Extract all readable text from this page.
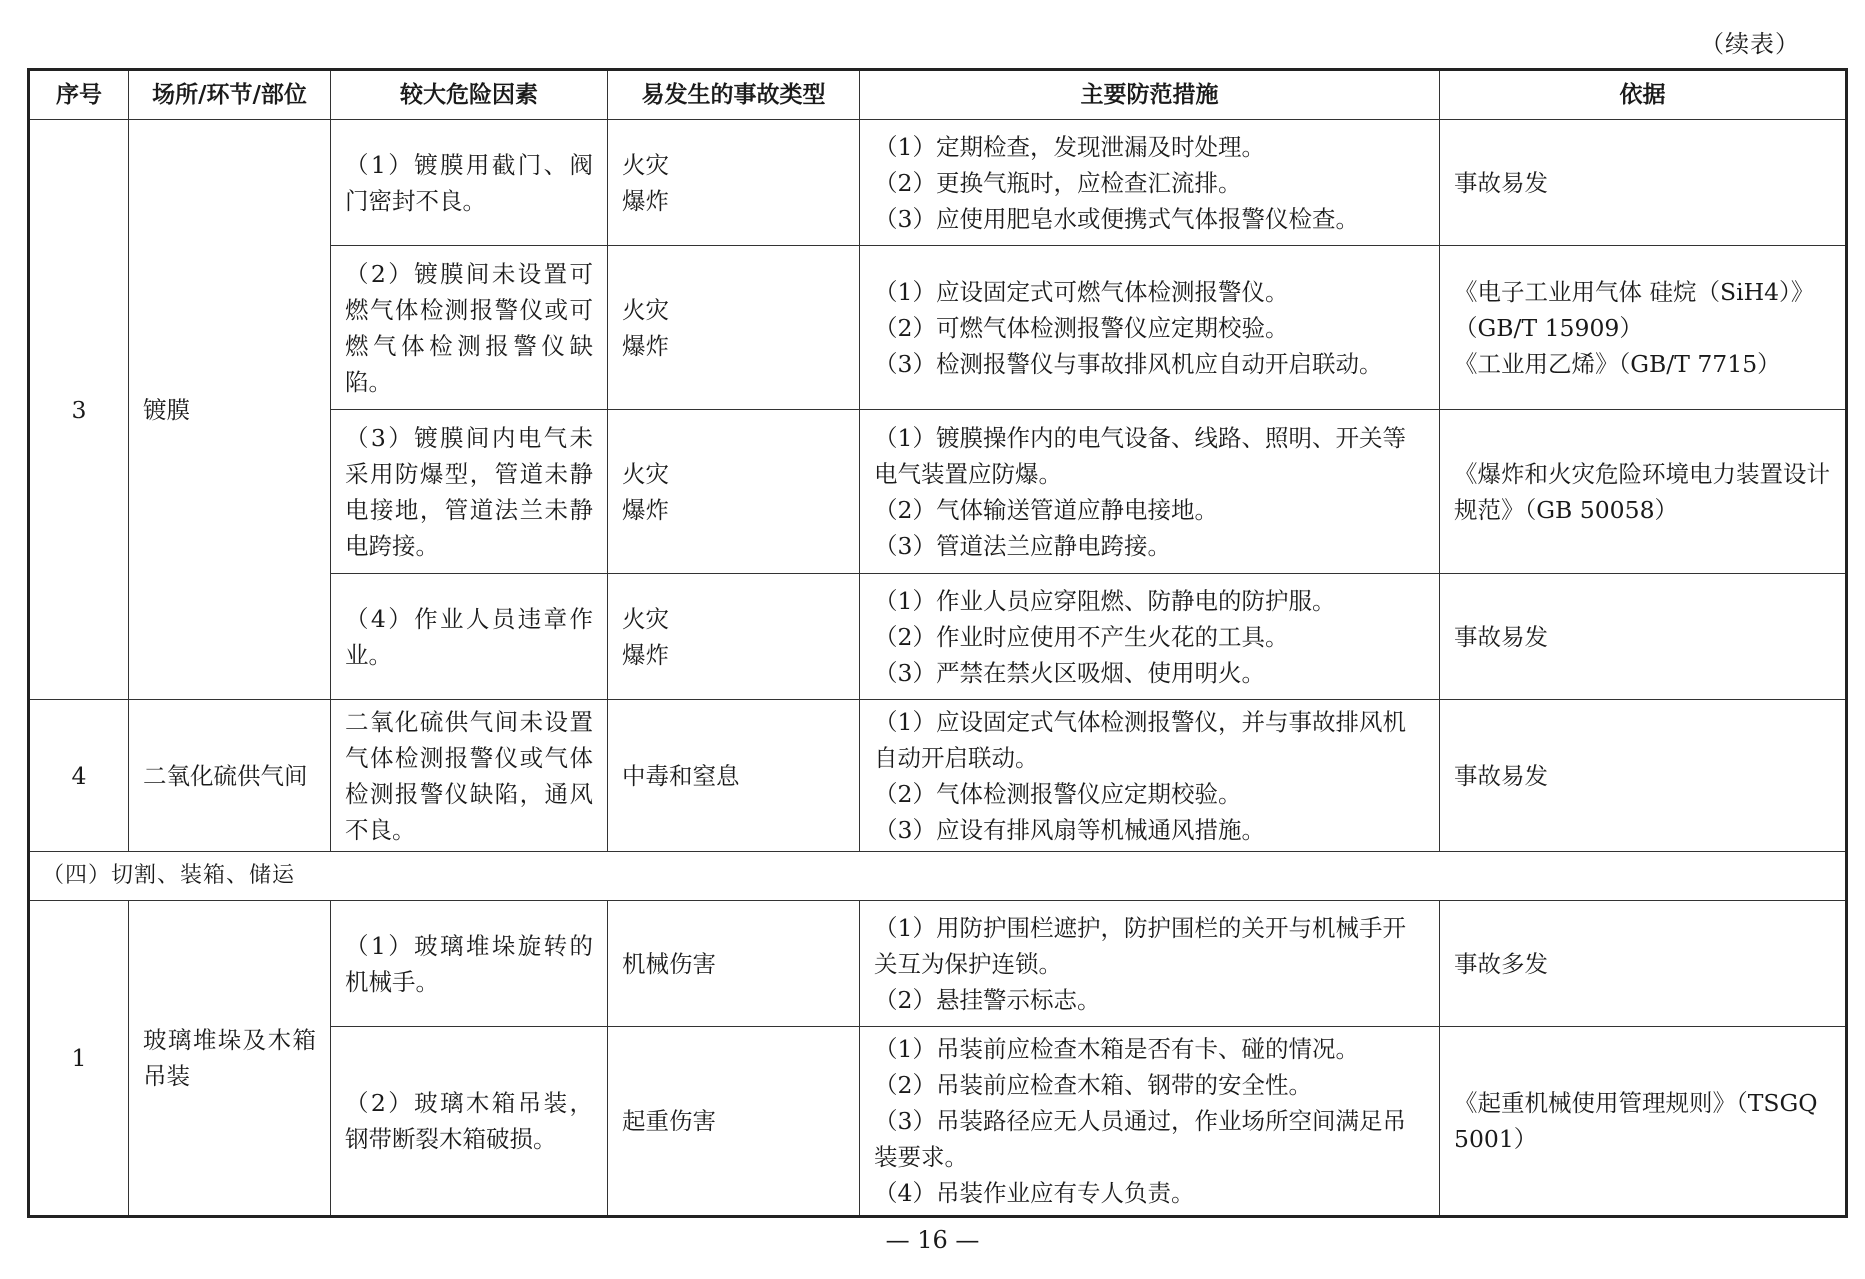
（续表）
序号	场所/环节/部位	较大危险因素	易发生的事故类型	主要防范措施	依据
3	镀膜	（1）镀膜用截门、阀门密封不良。	火灾
爆炸	（1）定期检查，发现泄漏及时处理。
（2）更换气瓶时，应检查汇流排。
（3）应使用肥皂水或便携式气体报警仪检查。	事故易发

		（2）镀膜间未设置可燃气体检测报警仪或可燃气体检测报警仪缺陷。	火灾
爆炸	（1）应设固定式可燃气体检测报警仪。
（2）可燃气体检测报警仪应定期校验。
（3）检测报警仪与事故排风机应自动开启联动。	《电子工业用气体 硅烷（SiH4）》（GB/T 15909）
《工业用乙烯》（GB/T 7715）

		（3）镀膜间内电气未采用防爆型，管道未静电接地，管道法兰未静电跨接。	火灾
爆炸	（1）镀膜操作内的电气设备、线路、照明、开关等电气装置应防爆。
（2）气体输送管道应静电接地。
（3）管道法兰应静电跨接。	《爆炸和火灾危险环境电力装置设计规范》（GB 50058）

		（4）作业人员违章作业。	火灾
爆炸	（1）作业人员应穿阻燃、防静电的防护服。
（2）作业时应使用不产生火花的工具。
（3）严禁在禁火区吸烟、使用明火。	事故易发

4	二氧化硫供气间	二氧化硫供气间未设置气体检测报警仪或气体检测报警仪缺陷，通风不良。	中毒和窒息	（1）应设固定式气体检测报警仪，并与事故排风机自动开启联动。
（2）气体检测报警仪应定期校验。
（3）应设有排风扇等机械通风措施。	事故易发

（四）切割、装箱、储运					
1	玻璃堆垛及木箱吊装	（1）玻璃堆垛旋转的机械手。	机械伤害	（1）用防护围栏遮护，防护围栏的关开与机械手开关互为保护连锁。
（2）悬挂警示标志。	事故多发

		（2）玻璃木箱吊装，钢带断裂木箱破损。	起重伤害	（1）吊装前应检查木箱是否有卡、碰的情况。
（2）吊装前应检查木箱、钢带的安全性。
（3）吊装路径应无人员通过，作业场所空间满足吊装要求。
（4）吊装作业应有专人负责。	《起重机械使用管理规则》（TSGQ 5001）
— 16 —
